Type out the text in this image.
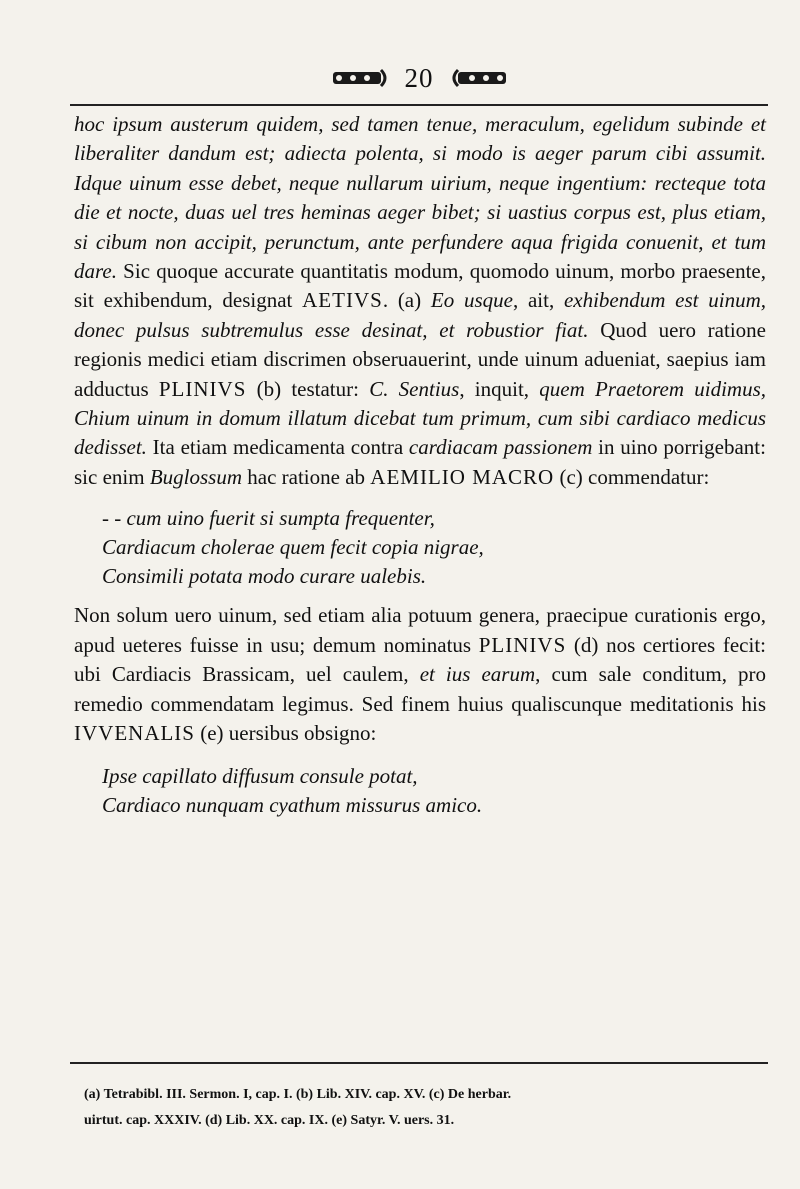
20

hoc ipsum austerum quidem, sed tamen tenue, meraculum, egelidum subinde et liberaliter dandum est; adiecta polenta, si modo is aeger parum cibi assumit. Idque uinum esse debet, neque nullarum uirium, neque ingentium: recteque tota die et nocte, duas uel tres heminas aeger bibet; si uastius corpus est, plus etiam, si cibum non accipit, perunctum, ante perfundere aqua frigida conuenit, et tum dare. Sic quoque accurate quantitatis modum, quomodo uinum, morbo praesente, sit exhibendum, designat AETIVS. (a) Eo usque, ait, exhibendum est uinum, donec pulsus subtremulus esse desinat, et robustior fiat. Quod uero ratione regionis medici etiam discrimen obseruauerint, unde uinum adueniat, saepius iam adductus PLINIVS (b) testatur: C. Sentius, inquit, quem Praetorem uidimus, Chium uinum in domum illatum dicebat tum primum, cum sibi cardiaco medicus dedisset. Ita etiam medicamenta contra cardiacam passionem in uino porrigebant: sic enim Buglossum hac ratione ab AEMILIO MACRO (c) commendatur:

- - cum uino fuerit si sumpta frequenter,
Cardiacum cholerae quem fecit copia nigrae,
Consimili potata modo curare ualebis.

Non solum uero uinum, sed etiam alia potuum genera, praecipue curationis ergo, apud ueteres fuisse in usu; demum nominatus PLINIVS (d) nos certiores fecit: ubi Cardiacis Brassicam, uel caulem, et ius earum, cum sale conditum, pro remedio commendatam legimus. Sed finem huius qualiscunque meditationis his IVVENALIS (e) uersibus obsigno:

Ipse capillato diffusum consule potat,
Cardiaco nunquam cyathum missurus amico.
(a) Tetrabibl. III. Sermon. I, cap. I. (b) Lib. XIV. cap. XV. (c) De herbar.
uirtut. cap. XXXIV. (d) Lib. XX. cap. IX. (e) Satyr. V. uers. 31.
